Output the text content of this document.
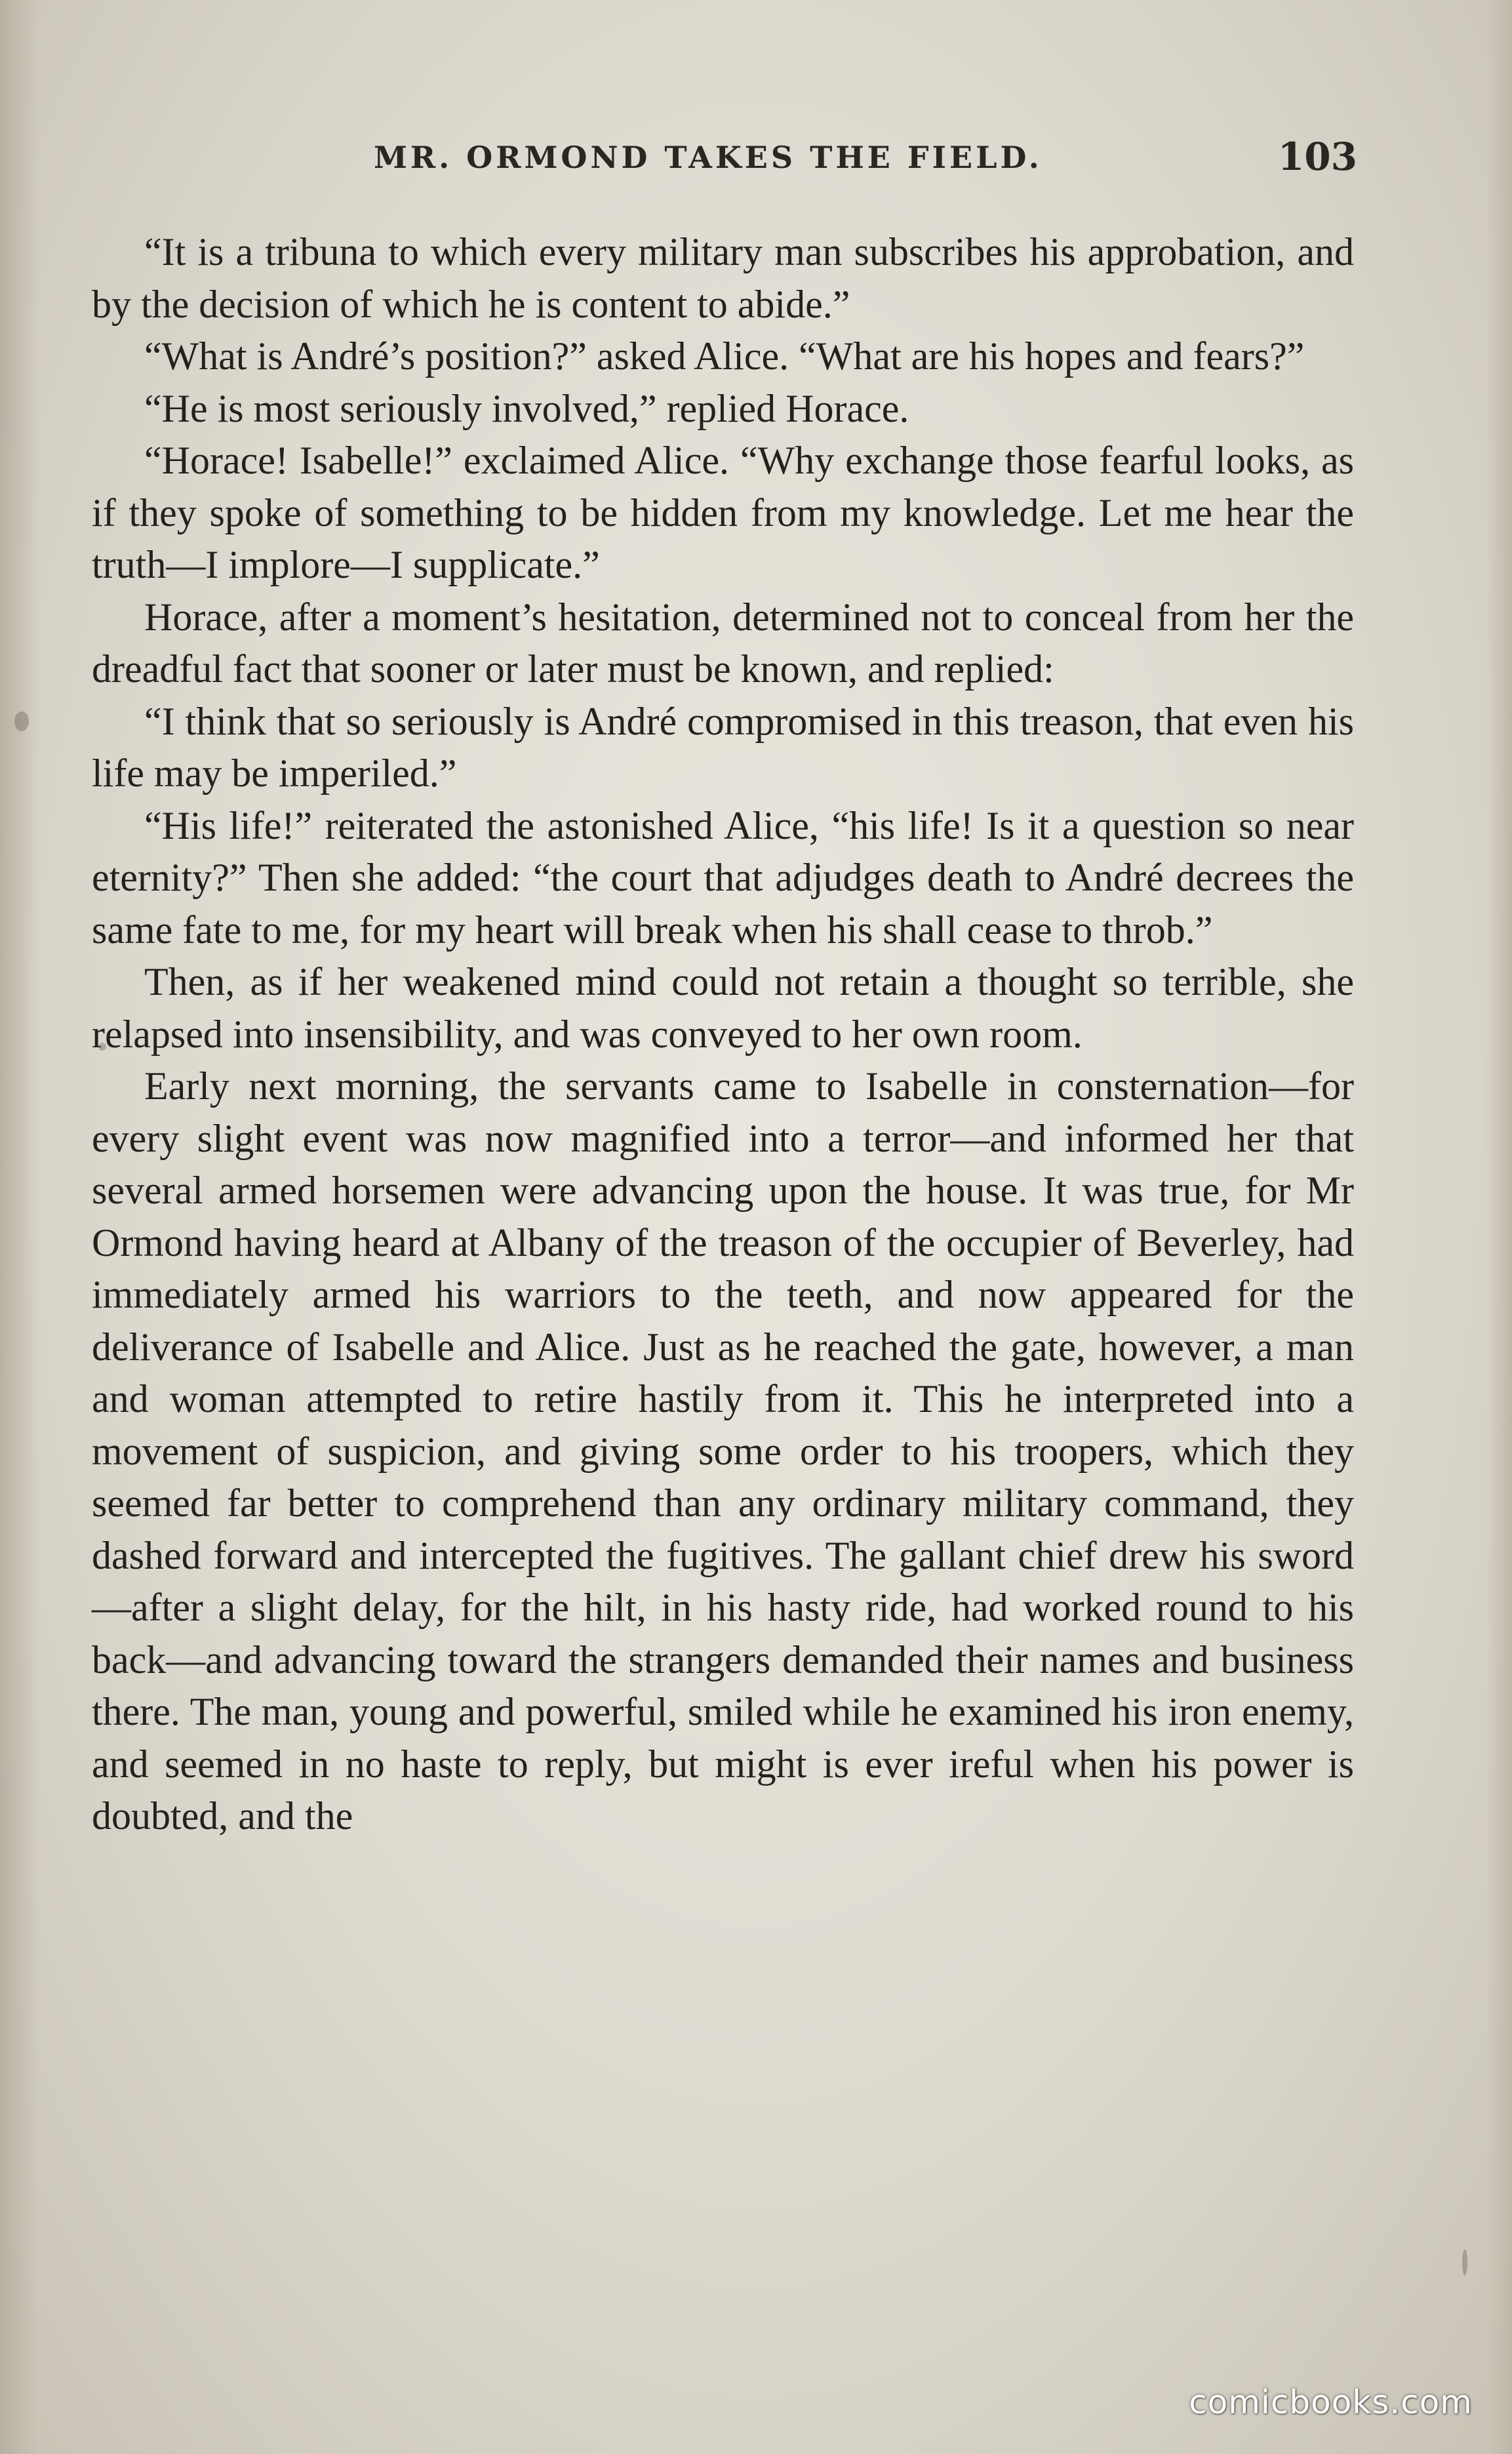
MR. ORMOND TAKES THE FIELD.	103

“It is a tribuna to which every military man subscribes his approbation, and by the decision of which he is content to abide.”

“What is André’s position?” asked Alice. “What are his hopes and fears?”

“He is most seriously involved,” replied Horace.

“Horace! Isabelle!” exclaimed Alice. “Why exchange those fearful looks, as if they spoke of something to be hidden from my knowledge. Let me hear the truth—I implore—I supplicate.”

Horace, after a moment’s hesitation, determined not to conceal from her the dreadful fact that sooner or later must be known, and replied:

“I think that so seriously is André compromised in this treason, that even his life may be imperiled.”

“His life!” reiterated the astonished Alice, “his life! Is it a question so near eternity?” Then she added: “the court that adjudges death to André decrees the same fate to me, for my heart will break when his shall cease to throb.”

Then, as if her weakened mind could not retain a thought so terrible, she relapsed into insensibility, and was conveyed to her own room.

Early next morning, the servants came to Isabelle in consternation—for every slight event was now magnified into a terror—and informed her that several armed horsemen were advancing upon the house. It was true, for Mr Ormond having heard at Albany of the treason of the occupier of Beverley, had immediately armed his warriors to the teeth, and now appeared for the deliverance of Isabelle and Alice. Just as he reached the gate, however, a man and woman attempted to retire hastily from it. This he interpreted into a movement of suspicion, and giving some order to his troopers, which they seemed far better to comprehend than any ordinary military command, they dashed forward and intercepted the fugitives. The gallant chief drew his sword—after a slight delay, for the hilt, in his hasty ride, had worked round to his back—and advancing toward the strangers demanded their names and business there. The man, young and powerful, smiled while he examined his iron enemy, and seemed in no haste to reply, but might is ever ireful when his power is doubted, and the

comicbooks.com
